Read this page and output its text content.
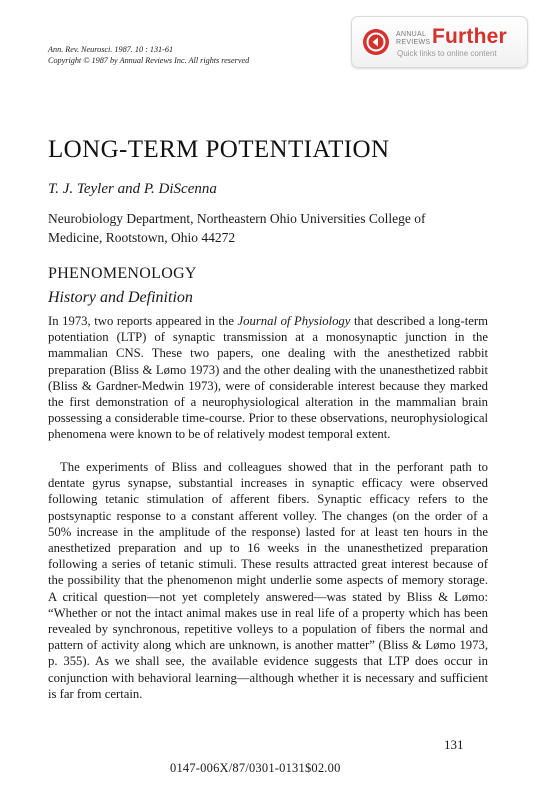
Ann. Rev. Neurosci. 1987. 10 : 131-61
Copyright © 1987 by Annual Reviews Inc. All rights reserved
ANNUAL
REVIEWS Further
Quick links to online content
LONG-TERM POTENTIATION
T. J. Teyler and P. DiScenna
Neurobiology Department, Northeastern Ohio Universities College of Medicine, Rootstown, Ohio 44272
PHENOMENOLOGY
History and Definition

In 1973, two reports appeared in the Journal of Physiology that described a long-term potentiation (LTP) of synaptic transmission at a monosynaptic junction in the mammalian CNS. These two papers, one dealing with the anesthetized rabbit preparation (Bliss & Lømo 1973) and the other dealing with the unanesthetized rabbit (Bliss & Gardner-Medwin 1973), were of considerable interest because they marked the first demonstration of a neurophysiological alteration in the mammalian brain possessing a considerable time-course. Prior to these observations, neurophysiological phenomena were known to be of relatively modest temporal extent.

The experiments of Bliss and colleagues showed that in the perforant path to dentate gyrus synapse, substantial increases in synaptic efficacy were observed following tetanic stimulation of afferent fibers. Synaptic efficacy refers to the postsynaptic response to a constant afferent volley. The changes (on the order of a 50% increase in the amplitude of the response) lasted for at least ten hours in the anesthetized preparation and up to 16 weeks in the unanesthetized preparation following a series of tetanic stimuli. These results attracted great interest because of the possibility that the phenomenon might underlie some aspects of memory storage. A critical question—not yet completely answered—was stated by Bliss & Lømo: “Whether or not the intact animal makes use in real life of a property which has been revealed by synchronous, repetitive volleys to a population of fibers the normal and pattern of activity along which are unknown, is another matter” (Bliss & Lømo 1973, p. 355). As we shall see, the available evidence suggests that LTP does occur in conjunction with behavioral learning—although whether it is necessary and sufficient is far from certain.

131
0147-006X/87/0301-0131$02.00
